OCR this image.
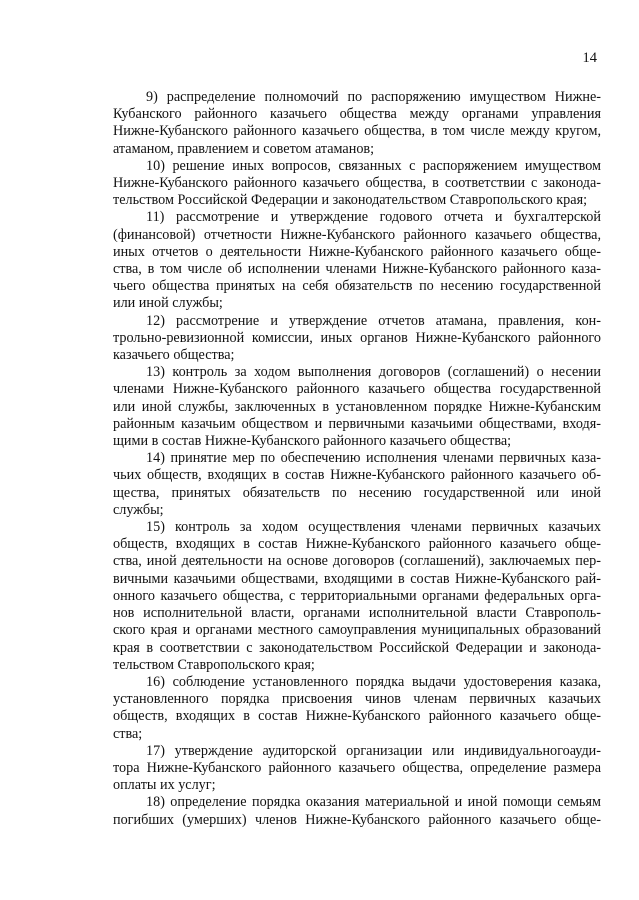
14

9) распределение полномочий по распоряжению имуществом Нижне-
Кубанского районного казачьего общества между органами управления
Нижне-Кубанского районного казачьего общества, в том числе между кругом,
атаманом, правлением и советом атаманов;

10) решение иных вопросов, связанных с распоряжением имуществом
Нижне-Кубанского районного казачьего общества, в соответствии с законода-
тельством Российской Федерации и законодательством Ставропольского края;

11) рассмотрение и утверждение годового отчета и бухгалтерской
(финансовой) отчетности Нижне-Кубанского районного казачьего общества,
иных отчетов о деятельности Нижне-Кубанского районного казачьего обще-
ства, в том числе об исполнении членами Нижне-Кубанского районного каза-
чьего общества принятых на себя обязательств по несению государственной
или иной службы;

12) рассмотрение и утверждение отчетов атамана, правления, кон-
трольно-ревизионной комиссии, иных органов Нижне-Кубанского районного
казачьего общества;

13) контроль за ходом выполнения договоров (соглашений) о несении
членами Нижне-Кубанского районного казачьего общества государственной
или иной службы, заключенных в установленном порядке Нижне-Кубанским
районным казачьим обществом и первичными казачьими обществами, входя-
щими в состав Нижне-Кубанского районного казачьего общества;

14) принятие мер по обеспечению исполнения членами первичных каза-
чьих обществ, входящих в состав Нижне-Кубанского районного казачьего об-
щества, принятых обязательств по несению государственной или иной
службы;

15) контроль за ходом осуществления членами первичных казачьих
обществ, входящих в состав Нижне-Кубанского районного казачьего обще-
ства, иной деятельности на основе договоров (соглашений), заключаемых пер-
вичными казачьими обществами, входящими в состав Нижне-Кубанского рай-
онного казачьего общества, с территориальными органами федеральных орга-
нов исполнительной власти, органами исполнительной власти Ставрополь-
ского края и органами местного самоуправления муниципальных образований
края в соответствии с законодательством Российской Федерации и законода-
тельством Ставропольского края;

16) соблюдение установленного порядка выдачи удостоверения казака,
установленного порядка присвоения чинов членам первичных казачьих
обществ, входящих в состав Нижне-Кубанского районного казачьего обще-
ства;

17) утверждение аудиторской организации или индивидуальногоауди-
тора Нижне-Кубанского районного казачьего общества, определение размера
оплаты их услуг;

18) определение порядка оказания материальной и иной помощи семьям
погибших (умерших) членов Нижне-Кубанского районного казачьего обще-
